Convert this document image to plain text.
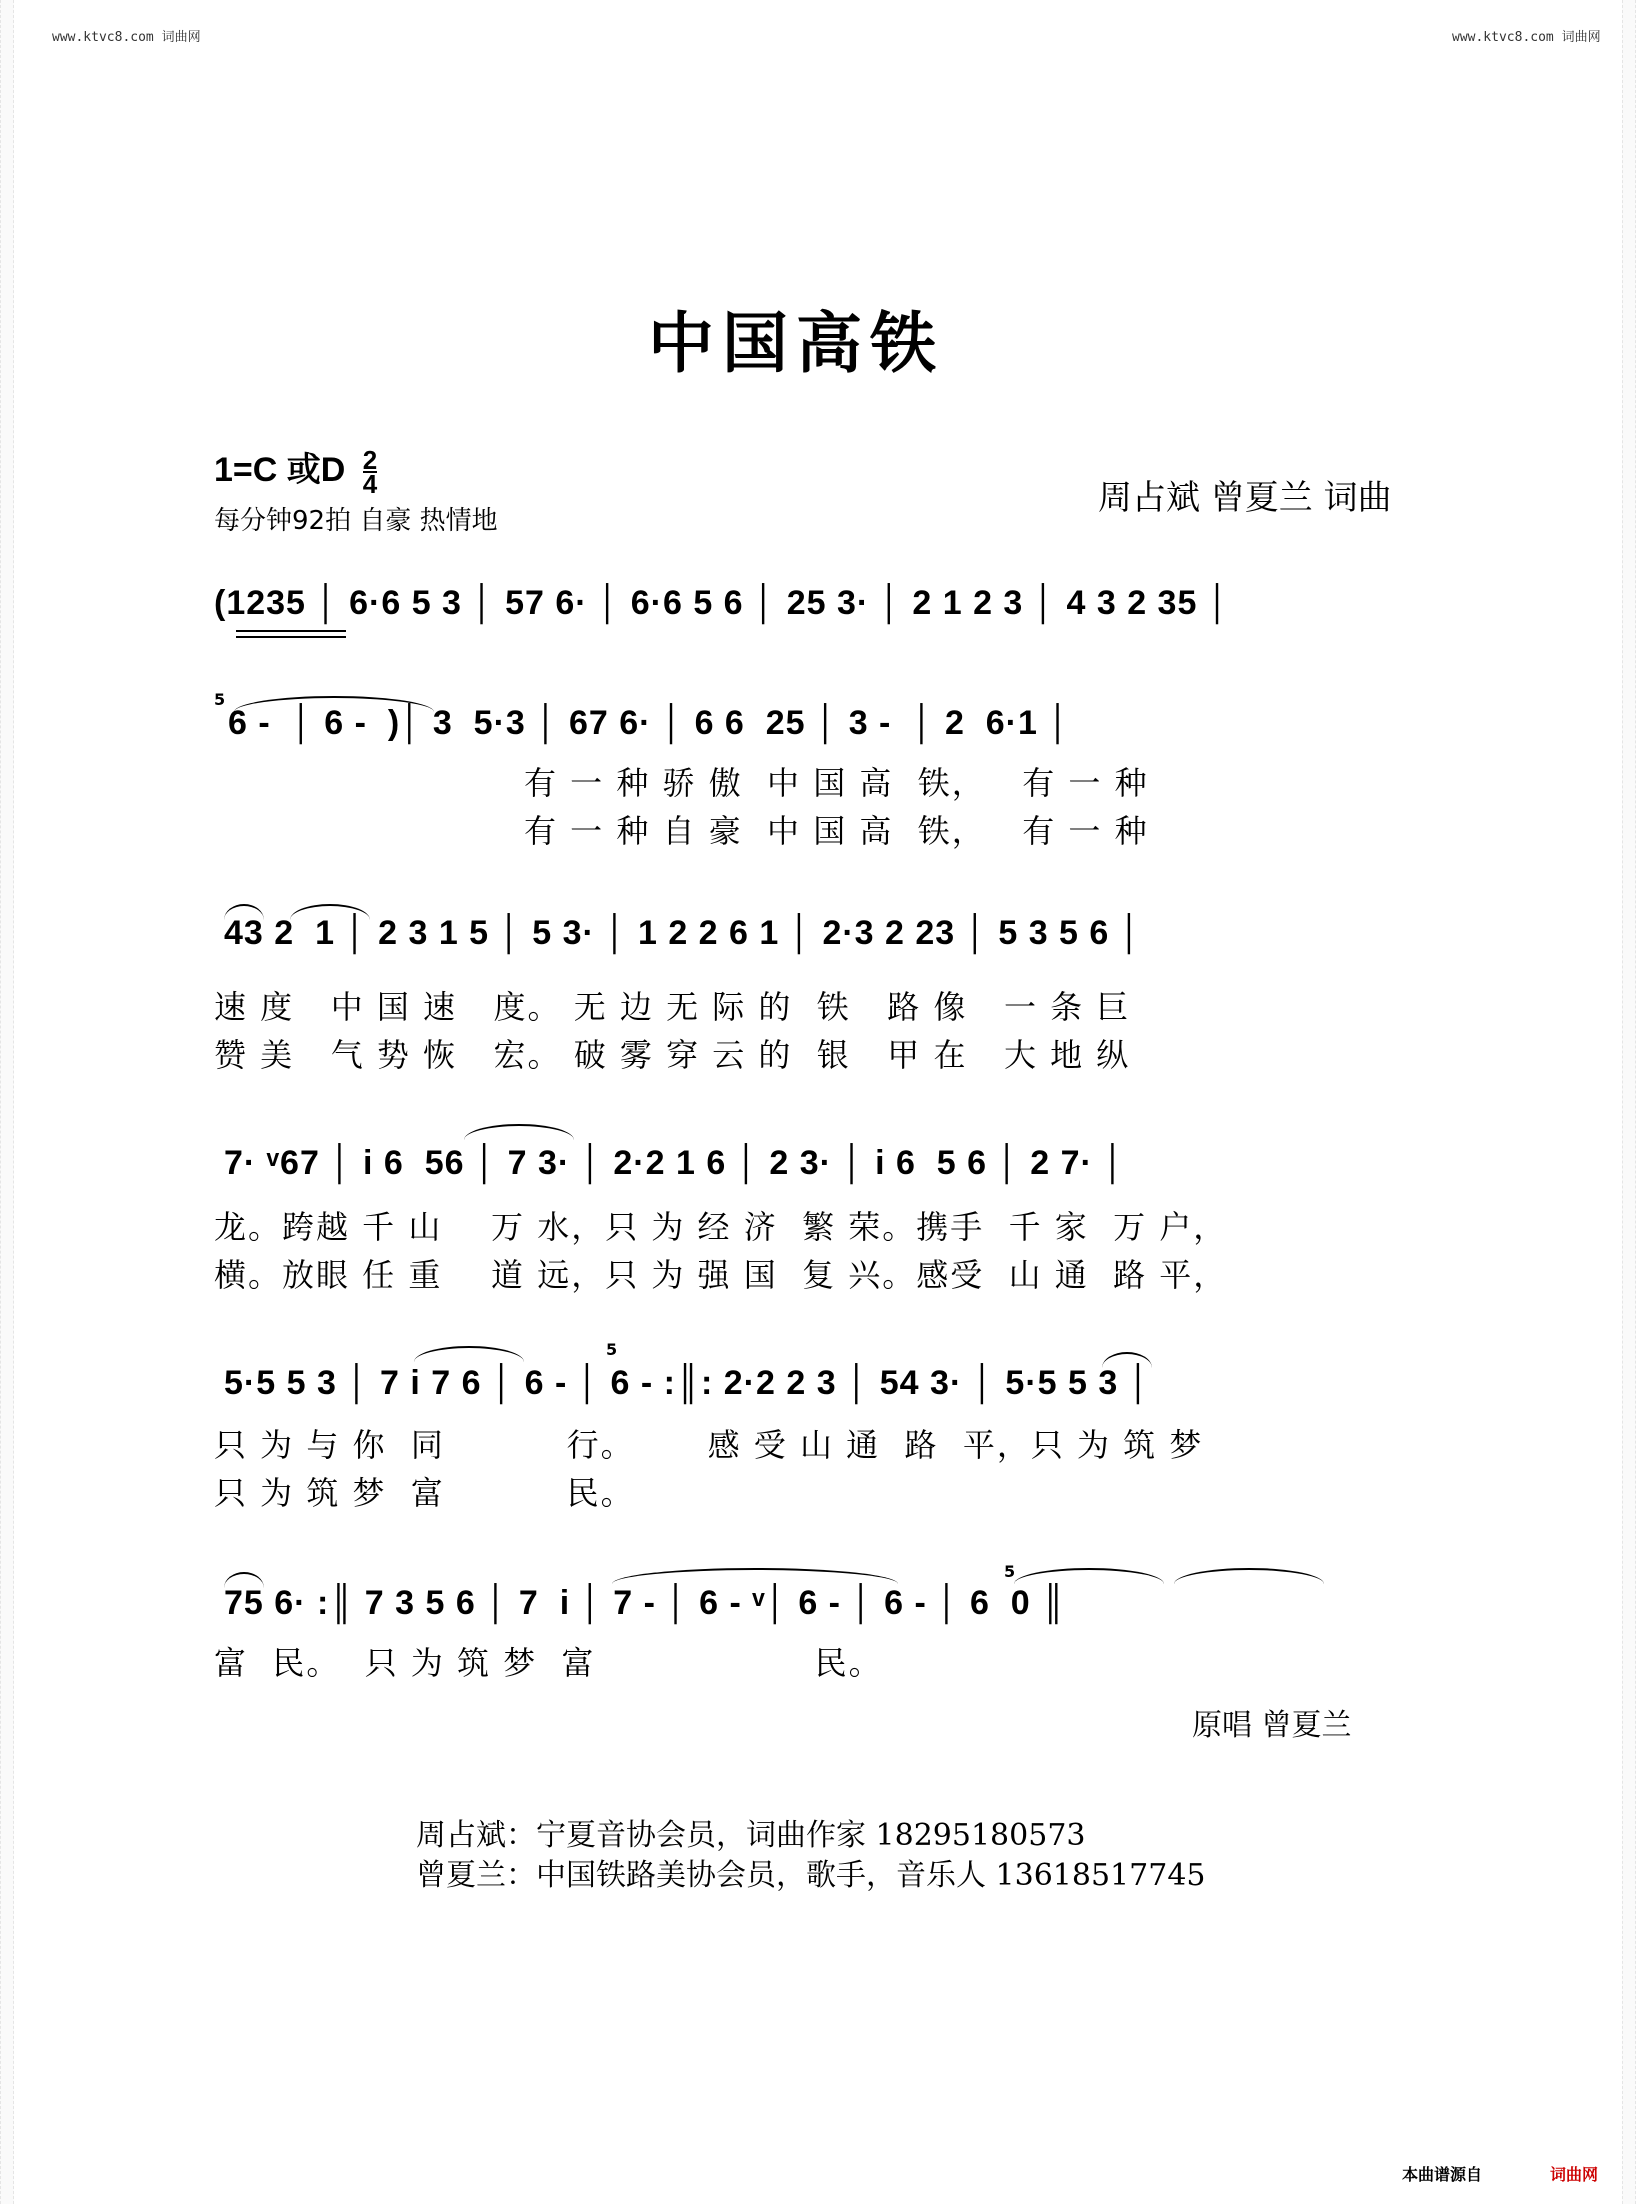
www.ktvc8.com 词曲网	www.ktvc8.com 词曲网
中国高铁
1=C 或D $\frac{2}{4}$
每分钟92拍 自豪 热情地
周占斌 曾夏兰 词曲
(1235 │ 6·6 5 3 │ 57 6· │ 6·6 5 6 │ 25 3· │ 2 1 2 3 │ 4 3 2 35 │
5
6 -  │ 6 -  )│ 3  5·3 │ 67 6· │ 6 6  25 │ 3 -  │ 2  6·1 │
有 一 种 骄 傲  中 国 高  铁，   有 一 种
有 一 种 自 豪  中 国 高  铁，   有 一 种
43 2  1 │ 2 3 1 5 │ 5 3· │ 1 2 2 6 1 │ 2·3 2 23 │ 5 3 5 6 │
速 度   中 国 速   度。 无 边 无 际 的  铁   路 像   一 条 巨
赞 美   气 势 恢   宏。 破 雾 穿 云 的  银   甲 在   大 地 纵
7· ᵛ67 │ i 6  56 │ 7 3· │ 2·2 1 6 │ 2 3· │ i 6  5 6 │ 2 7· │
龙。跨越 千 山    万 水，只 为 经 济  繁 荣。携手  千 家  万 户，
横。放眼 任 重    道 远，只 为 强 国  复 兴。感受  山 通  路 平，
5
5·5 5 3 │ 7 i 7 6 │ 6 - │ 6 - :║: 2·2 2 3 │ 54 3· │ 5·5 5 3 │
只 为 与 你  同          行。      感 受 山 通  路  平，只 为 筑 梦
只 为 筑 梦  富          民。
5
75 6· :║ 7 3 5 6 │ 7  i │ 7 - │ 6 - ᵛ│ 6 - │ 6 - │ 6  0 ║
富  民。  只 为 筑 梦  富                  民。
原唱 曾夏兰
周占斌：宁夏音协会员，词曲作家 18295180573
曾夏兰：中国铁路美协会员，歌手，音乐人 13618517745
本曲谱源自	词曲网
